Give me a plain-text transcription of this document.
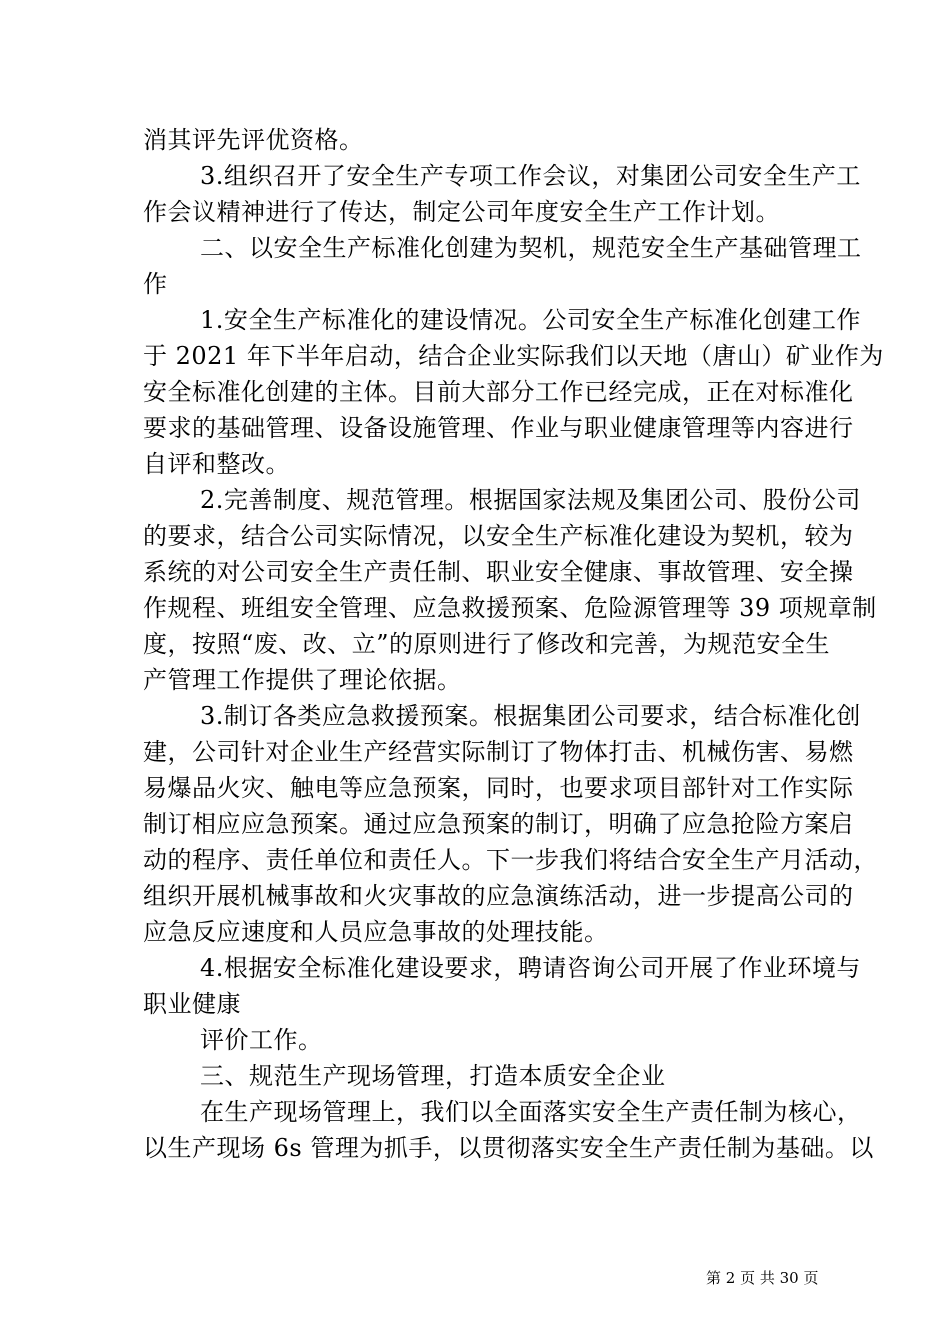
消其评先评优资格。

3.组织召开了安全生产专项工作会议，对集团公司安全生产工

作会议精神进行了传达，制定公司年度安全生产工作计划。

二、以安全生产标准化创建为契机，规范安全生产基础管理工

作

1.安全生产标准化的建设情况。公司安全生产标准化创建工作

于 2021 年下半年启动，结合企业实际我们以天地（唐山）矿业作为

安全标准化创建的主体。目前大部分工作已经完成，正在对标准化

要求的基础管理、设备设施管理、作业与职业健康管理等内容进行

自评和整改。

2.完善制度、规范管理。根据国家法规及集团公司、股份公司

的要求，结合公司实际情况，以安全生产标准化建设为契机，较为

系统的对公司安全生产责任制、职业安全健康、事故管理、安全操

作规程、班组安全管理、应急救援预案、危险源管理等 39 项规章制

度，按照“废、改、立”的原则进行了修改和完善，为规范安全生

产管理工作提供了理论依据。

3.制订各类应急救援预案。根据集团公司要求，结合标准化创

建，公司针对企业生产经营实际制订了物体打击、机械伤害、易燃

易爆品火灾、触电等应急预案，同时，也要求项目部针对工作实际

制订相应应急预案。通过应急预案的制订，明确了应急抢险方案启

动的程序、责任单位和责任人。下一步我们将结合安全生产月活动，

组织开展机械事故和火灾事故的应急演练活动，进一步提高公司的

应急反应速度和人员应急事故的处理技能。

4.根据安全标准化建设要求，聘请咨询公司开展了作业环境与

职业健康

评价工作。

三、规范生产现场管理，打造本质安全企业

在生产现场管理上，我们以全面落实安全生产责任制为核心，

以生产现场 6s 管理为抓手，以贯彻落实安全生产责任制为基础。以

第 2 页 共 30 页
